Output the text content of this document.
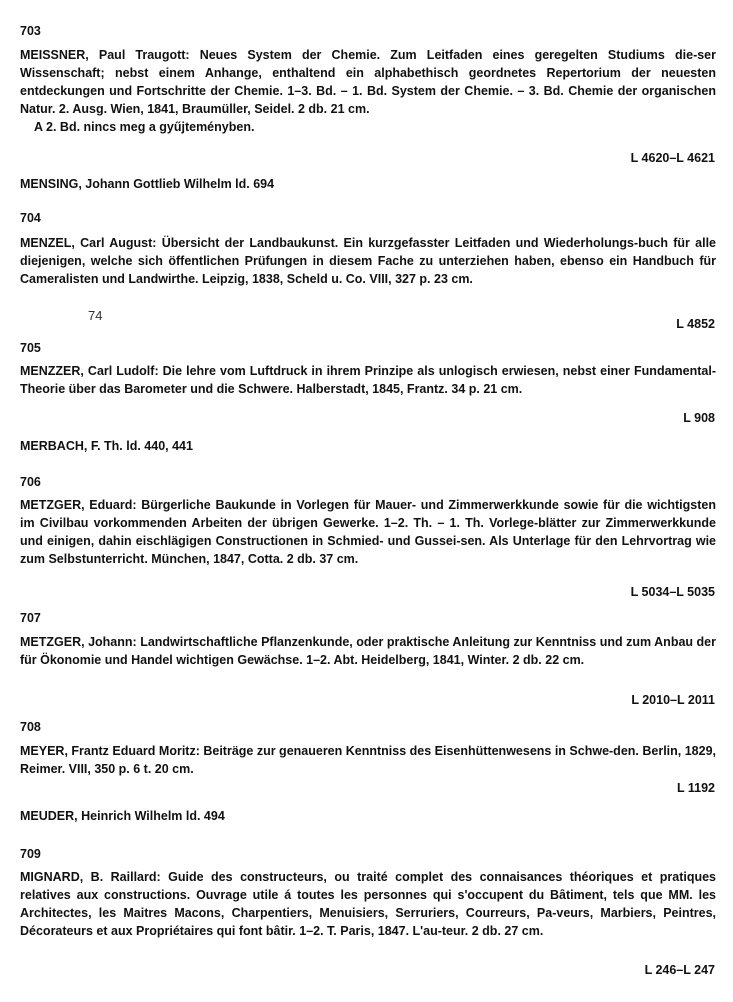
703
MEISSNER, Paul Traugott: Neues System der Chemie. Zum Leitfaden eines geregelten Studiums die-ser Wissenschaft; nebst einem Anhange, enthaltend ein alphabethisch geordnetes Repertorium der neuesten entdeckungen und Fortschritte der Chemie. 1–3. Bd. – 1. Bd. System der Chemie. – 3. Bd. Chemie der organischen Natur. 2. Ausg. Wien, 1841, Braumüller, Seidel. 2 db. 21 cm.
A 2. Bd. nincs meg a gyűjteményben.
L 4620–L 4621
MENSING, Johann Gottlieb Wilhelm ld. 694
704
MENZEL, Carl August: Übersicht der Landbaukunst. Ein kurzgefasster Leitfaden und Wiederholungs-buch für alle diejenigen, welche sich öffentlichen Prüfungen in diesem Fache zu unterziehen haben, ebenso ein Handbuch für Cameralisten und Landwirthe. Leipzig, 1838, Scheld u. Co. VIII, 327 p. 23 cm.
74
L 4852
705
MENZZER, Carl Ludolf: Die lehre vom Luftdruck in ihrem Prinzipe als unlogisch erwiesen, nebst einer Fundamental-Theorie über das Barometer und die Schwere. Halberstadt, 1845, Frantz. 34 p. 21 cm.
L 908
MERBACH, F. Th. ld. 440, 441
706
METZGER, Eduard: Bürgerliche Baukunde in Vorlegen für Mauer- und Zimmerwerkkunde sowie für die wichtigsten im Civilbau vorkommenden Arbeiten der übrigen Gewerke. 1–2. Th. – 1. Th. Vorlege-blätter zur Zimmerwerkkunde und einigen, dahin eischlägigen Constructionen in Schmied- und Gussei-sen. Als Unterlage für den Lehrvortrag wie zum Selbstunterricht. München, 1847, Cotta. 2 db. 37 cm.
L 5034–L 5035
707
METZGER, Johann: Landwirtschaftliche Pflanzenkunde, oder praktische Anleitung zur Kenntniss und zum Anbau der für Ökonomie und Handel wichtigen Gewächse. 1–2. Abt. Heidelberg, 1841, Winter. 2 db. 22 cm.
L 2010–L 2011
708
MEYER, Frantz Eduard Moritz: Beiträge zur genaueren Kenntniss des Eisenhüttenwesens in Schwe-den. Berlin, 1829, Reimer. VIII, 350 p. 6 t. 20 cm.
L 1192
MEUDER, Heinrich Wilhelm ld. 494
709
MIGNARD, B. Raillard: Guide des constructeurs, ou traité complet des connaisances théoriques et pratiques relatives aux constructions. Ouvrage utile á toutes les personnes qui s'occupent du Bâtiment, tels que MM. les Architectes, les Maitres Macons, Charpentiers, Menuisiers, Serruriers, Courreurs, Pa-veurs, Marbiers, Peintres, Décorateurs et aux Propriétaires qui font bâtir. 1–2. T. Paris, 1847. L'au-teur. 2 db. 27 cm.
L 246–L 247
